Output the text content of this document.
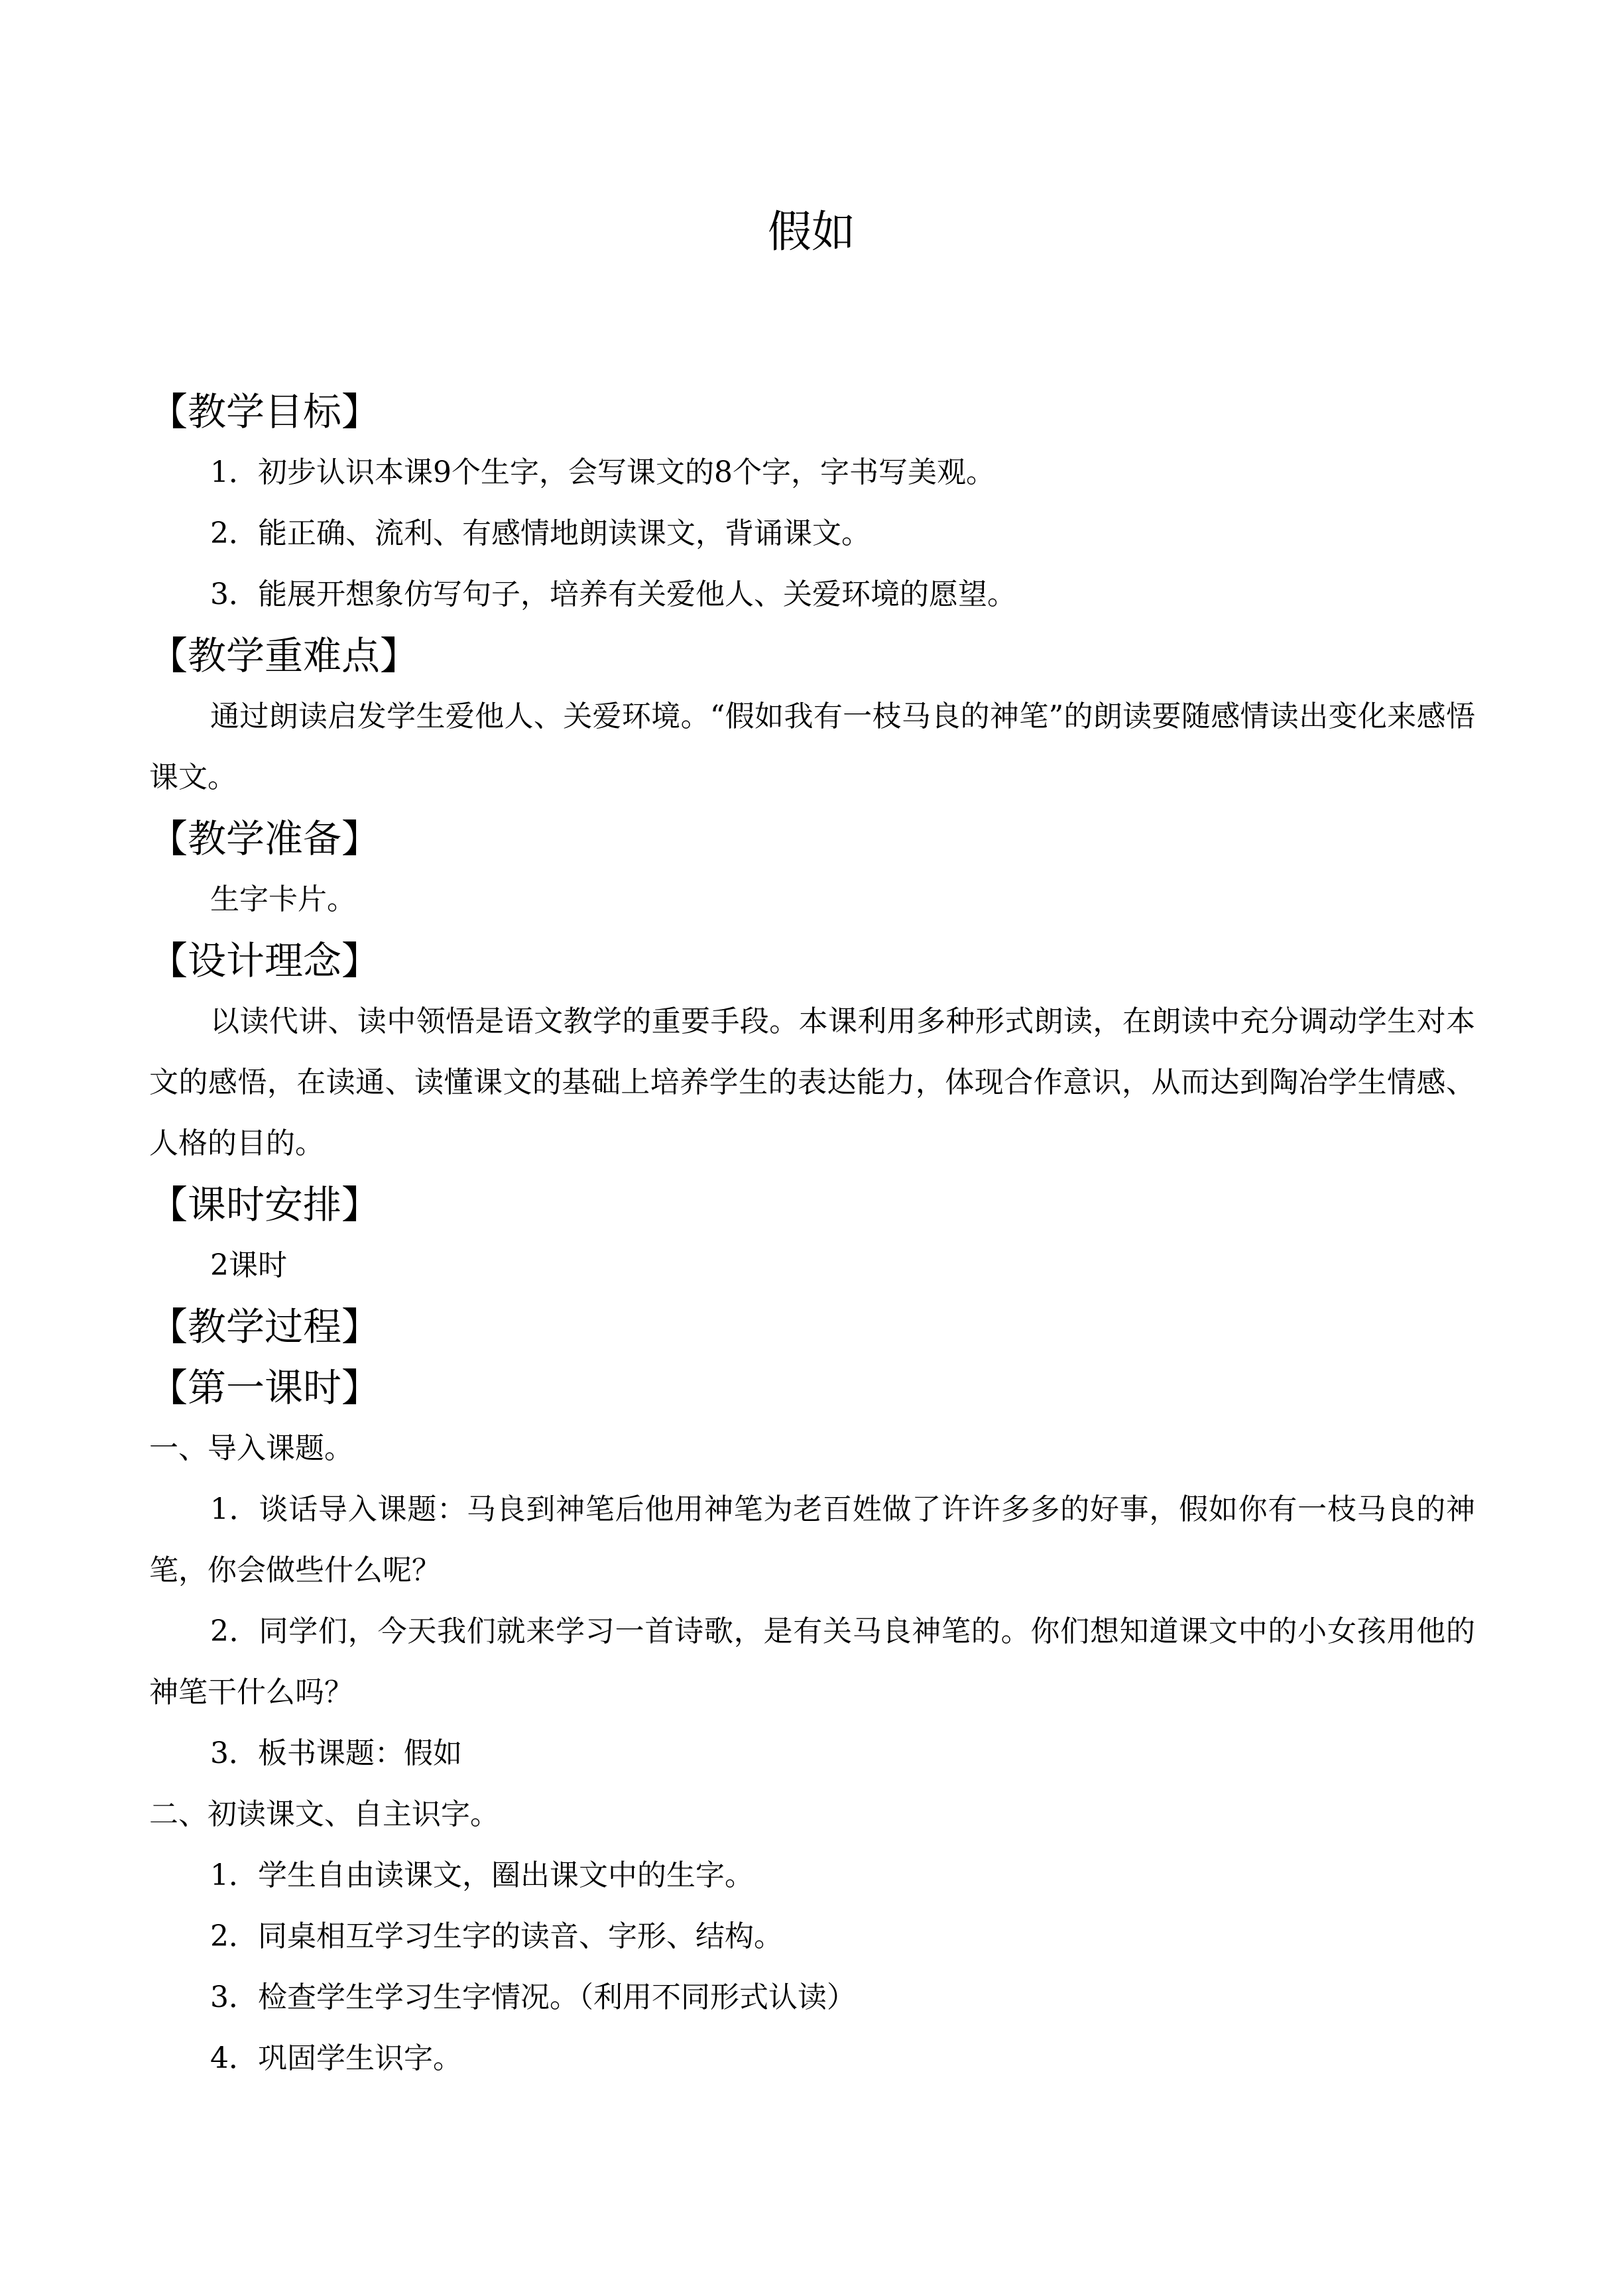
假如
【教学目标】
1．初步认识本课9个生字，会写课文的8个字，字书写美观。
2．能正确、流利、有感情地朗读课文，背诵课文。
3．能展开想象仿写句子，培养有关爱他人、关爱环境的愿望。
【教学重难点】
通过朗读启发学生爱他人、关爱环境。“假如我有一枝马良的神笔”的朗读要随感情读出变化来感悟课文。
【教学准备】
生字卡片。
【设计理念】
以读代讲、读中领悟是语文教学的重要手段。本课利用多种形式朗读，在朗读中充分调动学生对本文的感悟，在读通、读懂课文的基础上培养学生的表达能力，体现合作意识，从而达到陶冶学生情感、人格的目的。
【课时安排】
2课时
【教学过程】
【第一课时】
一、导入课题。
1．谈话导入课题：马良到神笔后他用神笔为老百姓做了许许多多的好事，假如你有一枝马良的神笔，你会做些什么呢？
2．同学们，今天我们就来学习一首诗歌，是有关马良神笔的。你们想知道课文中的小女孩用他的神笔干什么吗？
3．板书课题：假如
二、初读课文、自主识字。
1．学生自由读课文，圈出课文中的生字。
2．同桌相互学习生字的读音、字形、结构。
3．检查学生学习生字情况。（利用不同形式认读）
4．巩固学生识字。
